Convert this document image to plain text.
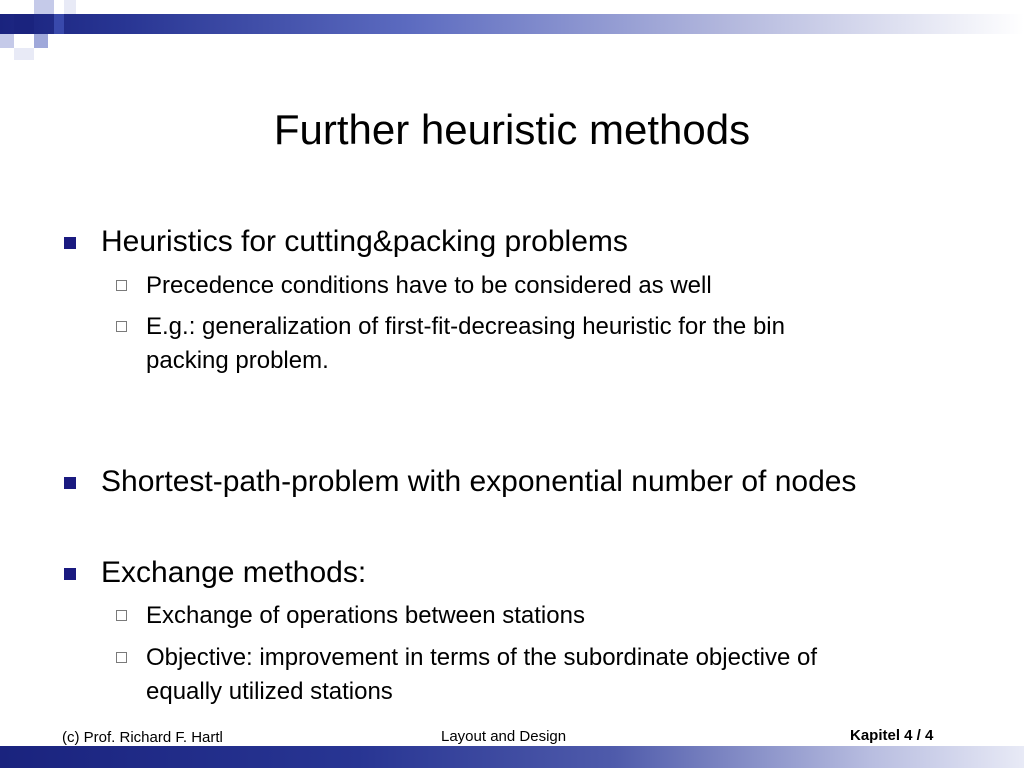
Further heuristic methods
Heuristics for cutting&packing problems
Precedence conditions have to be considered as well
E.g.: generalization of first-fit-decreasing heuristic for the bin
packing problem.
Shortest-path-problem with exponential number of nodes
Exchange methods:
Exchange of operations between stations
Objective: improvement in terms of the subordinate objective of
equally utilized stations
(c) Prof. Richard F. Hartl	Layout and Design	Kapitel 4 / 4
